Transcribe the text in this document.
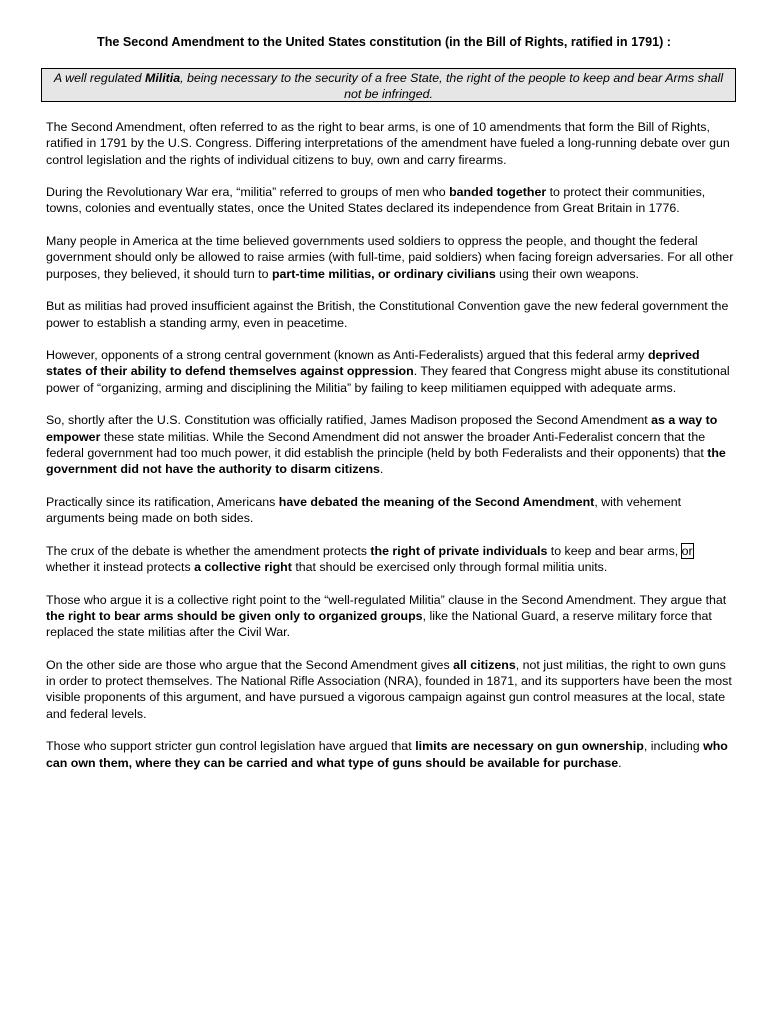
The Second Amendment to the United States constitution (in the Bill of Rights, ratified in 1791) :
A well regulated Militia, being necessary to the security of a free State, the right of the people to keep and bear Arms shall not be infringed.

The Second Amendment, often referred to as the right to bear arms, is one of 10 amendments that form the Bill of Rights, ratified in 1791 by the U.S. Congress. Differing interpretations of the amendment have fueled a long-running debate over gun control legislation and the rights of individual citizens to buy, own and carry firearms.

During the Revolutionary War era, “militia” referred to groups of men who banded together to protect their communities, towns, colonies and eventually states, once the United States declared its independence from Great Britain in 1776.

Many people in America at the time believed governments used soldiers to oppress the people, and thought the federal government should only be allowed to raise armies (with full-time, paid soldiers) when facing foreign adversaries. For all other purposes, they believed, it should turn to part-time militias, or ordinary civilians using their own weapons.

But as militias had proved insufficient against the British, the Constitutional Convention gave the new federal government the power to establish a standing army, even in peacetime.

However, opponents of a strong central government (known as Anti-Federalists) argued that this federal army deprived states of their ability to defend themselves against oppression. They feared that Congress might abuse its constitutional power of “organizing, arming and disciplining the Militia” by failing to keep militiamen equipped with adequate arms.

So, shortly after the U.S. Constitution was officially ratified, James Madison proposed the Second Amendment as a way to empower these state militias. While the Second Amendment did not answer the broader Anti-Federalist concern that the federal government had too much power, it did establish the principle (held by both Federalists and their opponents) that the government did not have the authority to disarm citizens.

Practically since its ratification, Americans have debated the meaning of the Second Amendment, with vehement arguments being made on both sides.

The crux of the debate is whether the amendment protects the right of private individuals to keep and bear arms, or whether it instead protects a collective right that should be exercised only through formal militia units.

Those who argue it is a collective right point to the “well-regulated Militia” clause in the Second Amendment. They argue that the right to bear arms should be given only to organized groups, like the National Guard, a reserve military force that replaced the state militias after the Civil War.

On the other side are those who argue that the Second Amendment gives all citizens, not just militias, the right to own guns in order to protect themselves. The National Rifle Association (NRA), founded in 1871, and its supporters have been the most visible proponents of this argument, and have pursued a vigorous campaign against gun control measures at the local, state and federal levels.

Those who support stricter gun control legislation have argued that limits are necessary on gun ownership, including who can own them, where they can be carried and what type of guns should be available for purchase.
